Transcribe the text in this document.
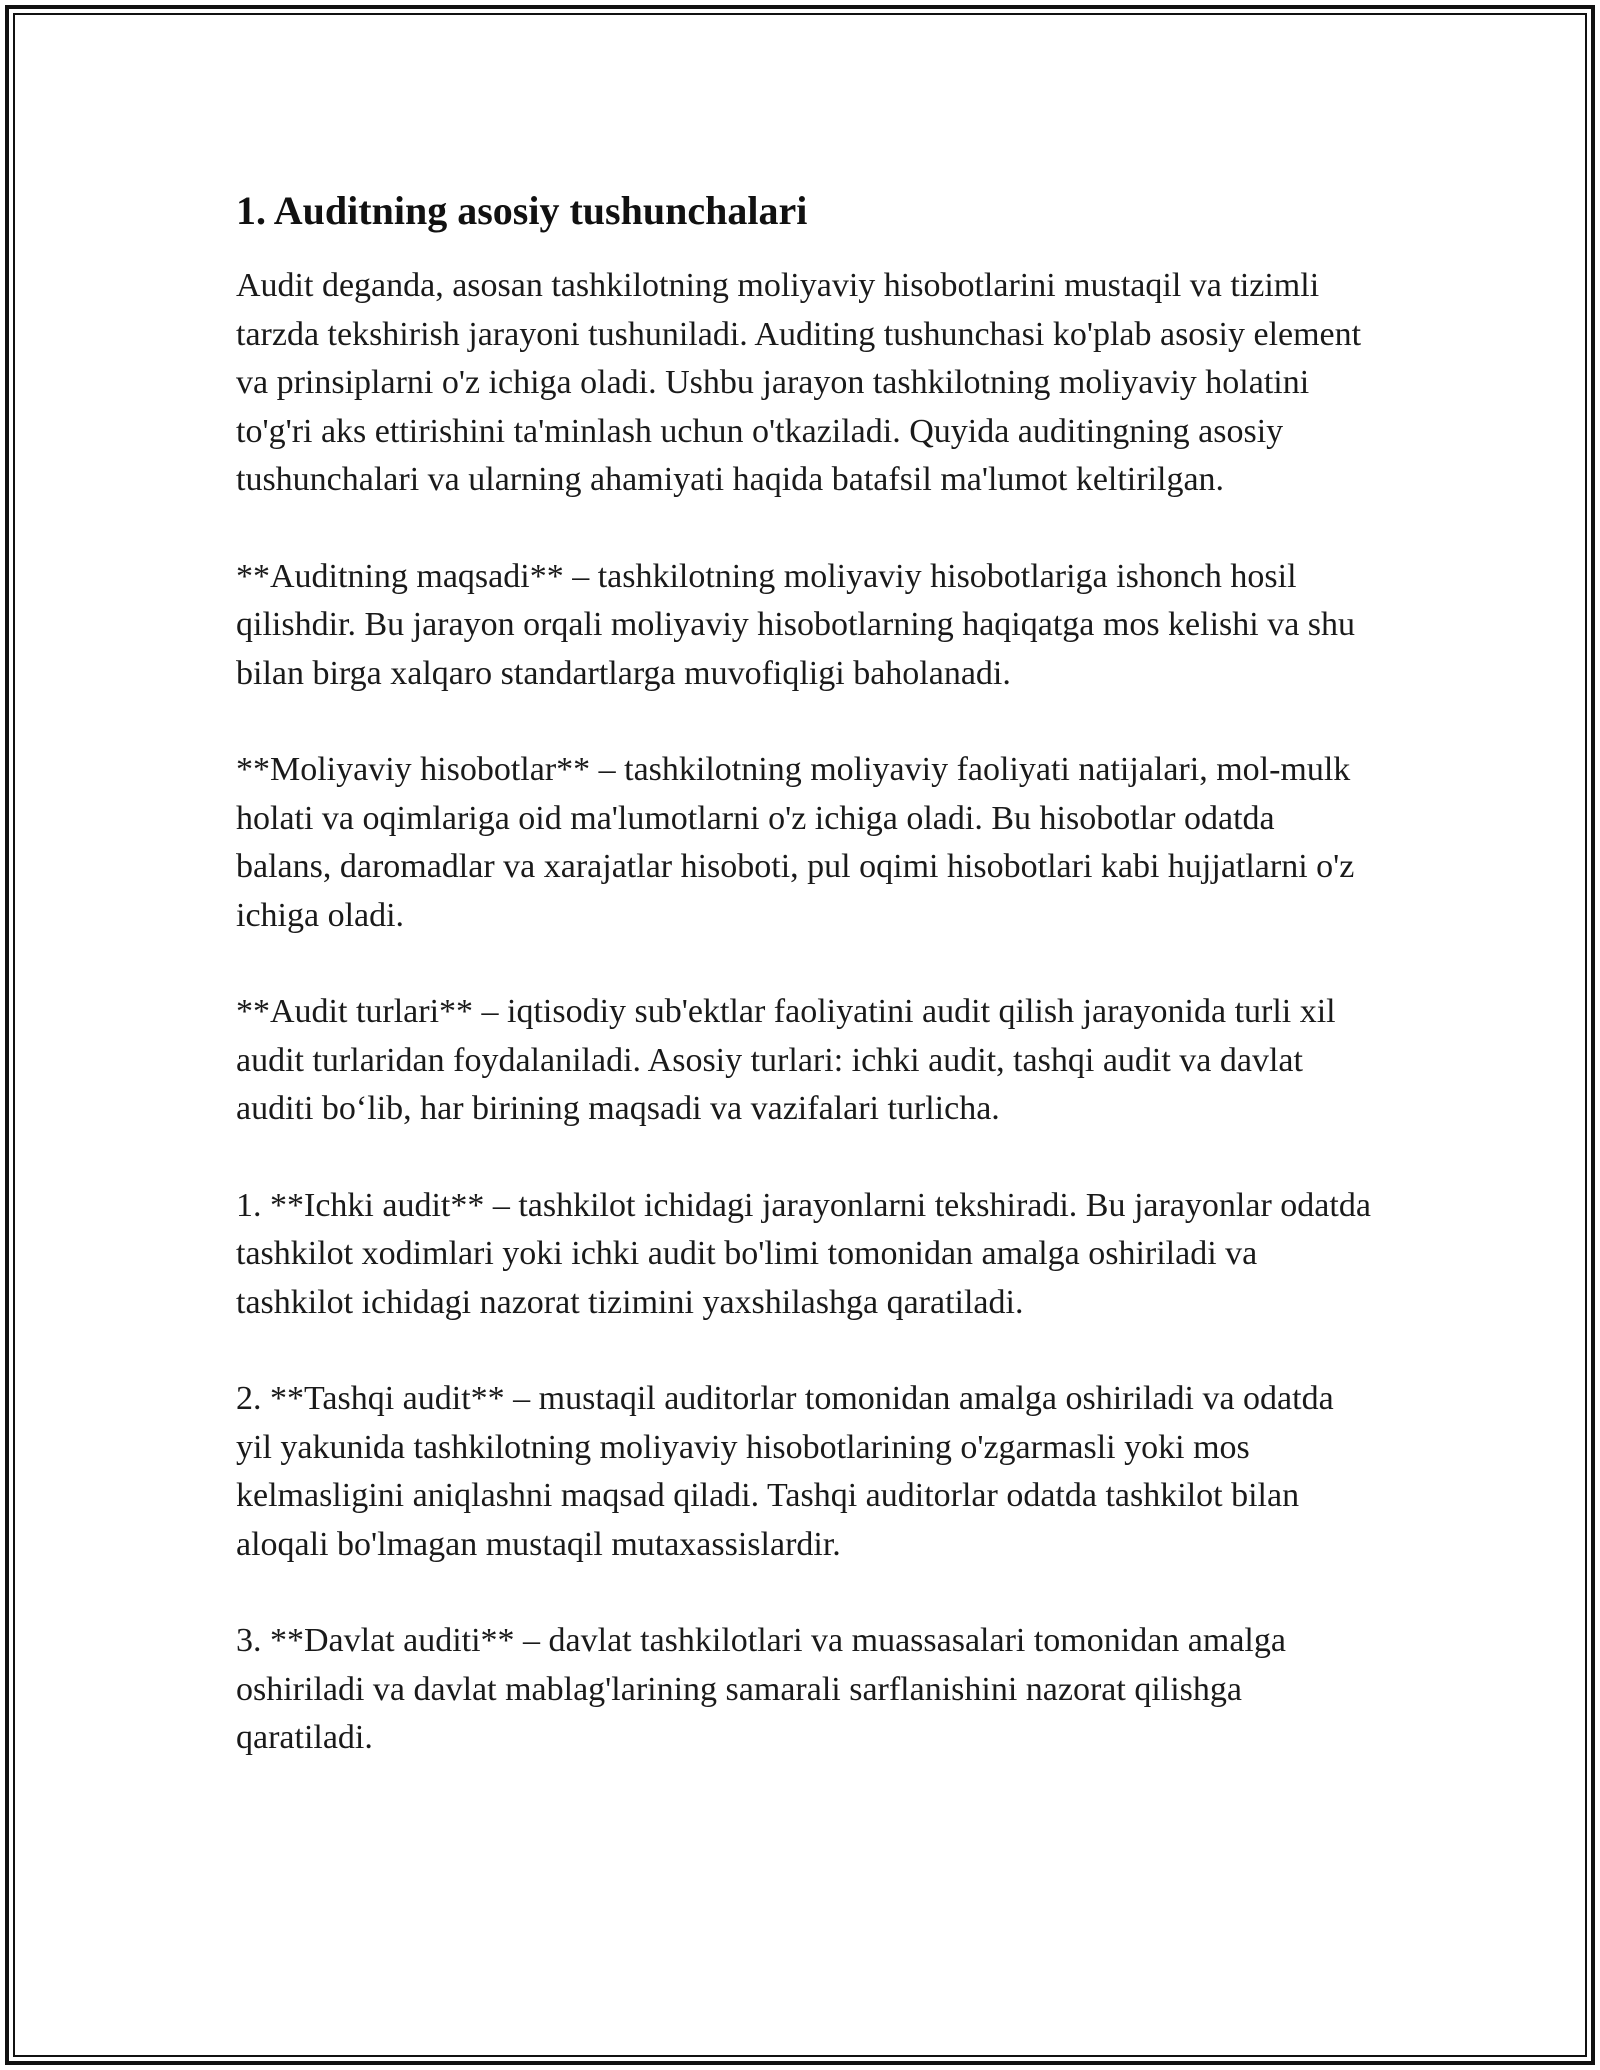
1. Auditning asosiy tushunchalari

Audit deganda, asosan tashkilotning moliyaviy hisobotlarini mustaqil va tizimli tarzda tekshirish jarayoni tushuniladi. Auditing tushunchasi ko'plab asosiy element va prinsiplarni o'z ichiga oladi. Ushbu jarayon tashkilotning moliyaviy holatini to'g'ri aks ettirishini ta'minlash uchun o'tkaziladi. Quyida auditingning asosiy tushunchalari va ularning ahamiyati haqida batafsil ma'lumot keltirilgan.

**Auditning maqsadi** – tashkilotning moliyaviy hisobotlariga ishonch hosil qilishdir. Bu jarayon orqali moliyaviy hisobotlarning haqiqatga mos kelishi va shu bilan birga xalqaro standartlarga muvofiqligi baholanadi.

**Moliyaviy hisobotlar** – tashkilotning moliyaviy faoliyati natijalari, mol-mulk holati va oqimlariga oid ma'lumotlarni o'z ichiga oladi. Bu hisobotlar odatda balans, daromadlar va xarajatlar hisoboti, pul oqimi hisobotlari kabi hujjatlarni o'z ichiga oladi.

**Audit turlari** – iqtisodiy sub'ektlar faoliyatini audit qilish jarayonida turli xil audit turlaridan foydalaniladi. Asosiy turlari: ichki audit, tashqi audit va davlat auditi bo‘lib, har birining maqsadi va vazifalari turlicha.

1. **Ichki audit** – tashkilot ichidagi jarayonlarni tekshiradi. Bu jarayonlar odatda tashkilot xodimlari yoki ichki audit bo'limi tomonidan amalga oshiriladi va tashkilot ichidagi nazorat tizimini yaxshilashga qaratiladi.

2. **Tashqi audit** – mustaqil auditorlar tomonidan amalga oshiriladi va odatda yil yakunida tashkilotning moliyaviy hisobotlarining o'zgarmasli yoki mos kelmasligini aniqlashni maqsad qiladi. Tashqi auditorlar odatda tashkilot bilan aloqali bo'lmagan mustaqil mutaxassislardir.

3. **Davlat auditi** – davlat tashkilotlari va muassasalari tomonidan amalga oshiriladi va davlat mablag'larining samarali sarflanishini nazorat qilishga qaratiladi.
